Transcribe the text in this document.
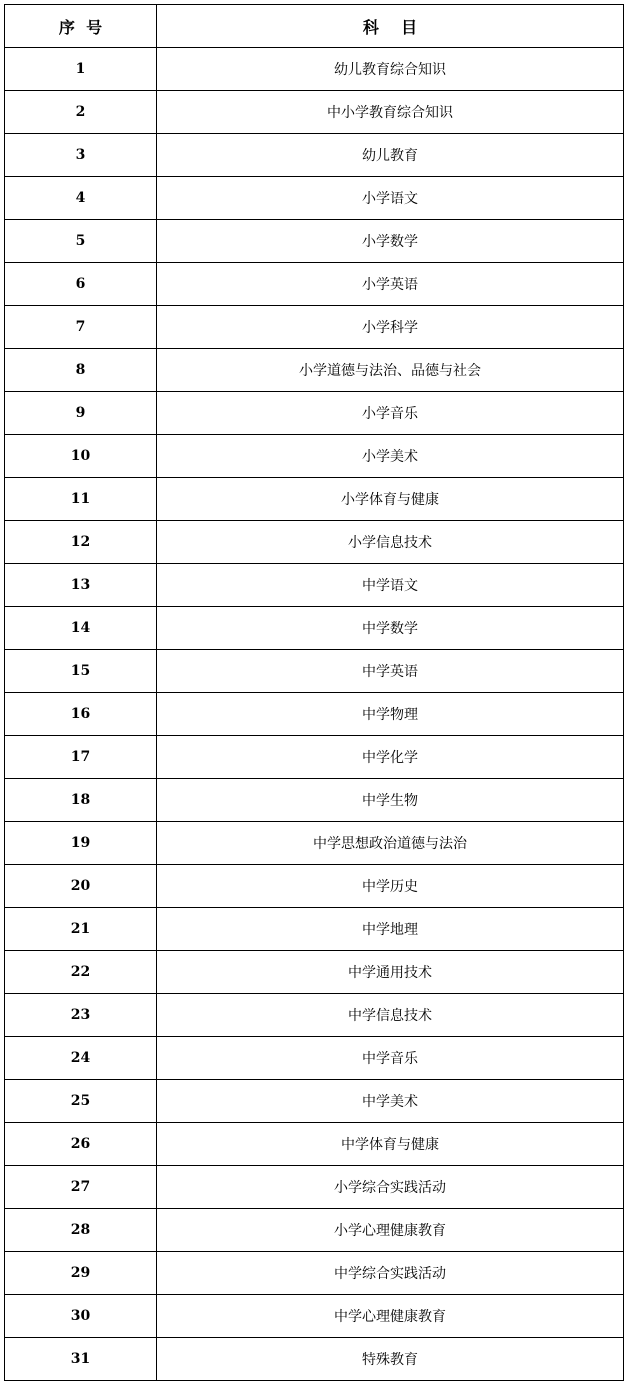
序  号	科    目
1	幼儿教育综合知识
2	中小学教育综合知识
3	幼儿教育
4	小学语文
5	小学数学
6	小学英语
7	小学科学
8	小学道德与法治、品德与社会
9	小学音乐
10	小学美术
11	小学体育与健康
12	小学信息技术
13	中学语文
14	中学数学
15	中学英语
16	中学物理
17	中学化学
18	中学生物
19	中学思想政治道德与法治
20	中学历史
21	中学地理
22	中学通用技术
23	中学信息技术
24	中学音乐
25	中学美术
26	中学体育与健康
27	小学综合实践活动
28	小学心理健康教育
29	中学综合实践活动
30	中学心理健康教育
31	特殊教育
